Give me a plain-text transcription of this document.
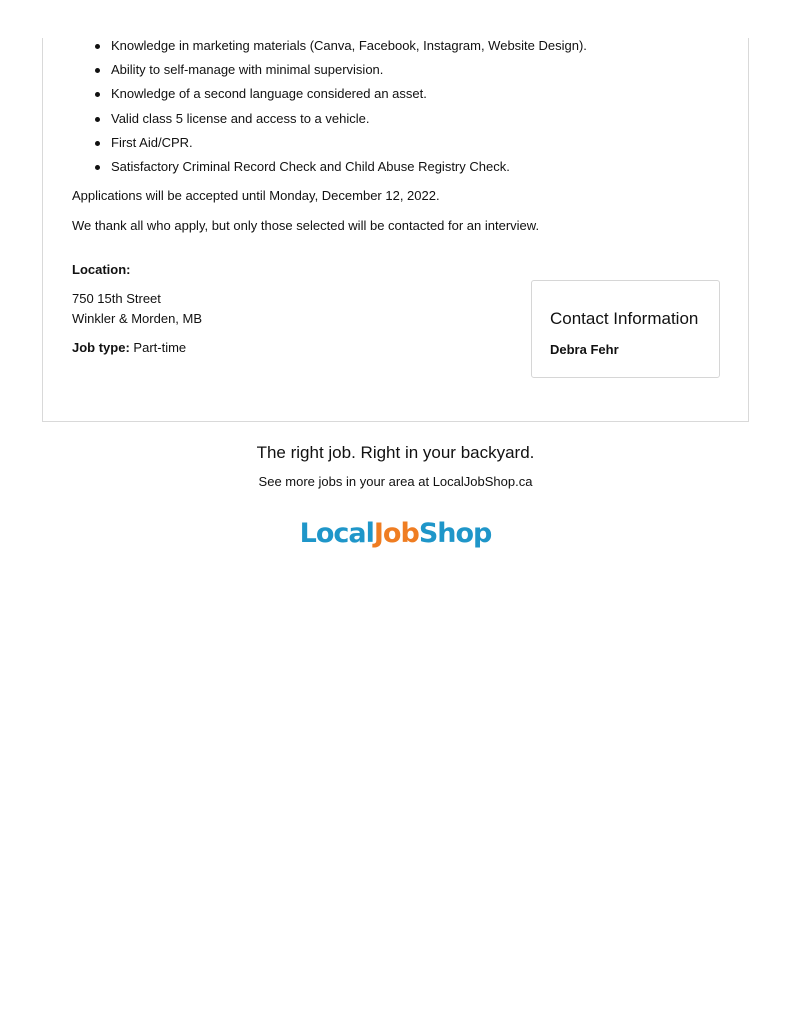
Knowledge in marketing materials (Canva, Facebook, Instagram, Website Design).
Ability to self-manage with minimal supervision.
Knowledge of a second language considered an asset.
Valid class 5 license and access to a vehicle.
First Aid/CPR.
Satisfactory Criminal Record Check and Child Abuse Registry Check.

Applications will be accepted until Monday, December 12, 2022.

We thank all who apply, but only those selected will be contacted for an interview.

Location:

750 15th Street

Winkler & Morden, MB

Job type: Part-time

Contact Information
Debra Fehr
The right job. Right in your backyard.
See more jobs in your area at LocalJobShop.ca
LocalJobShop
